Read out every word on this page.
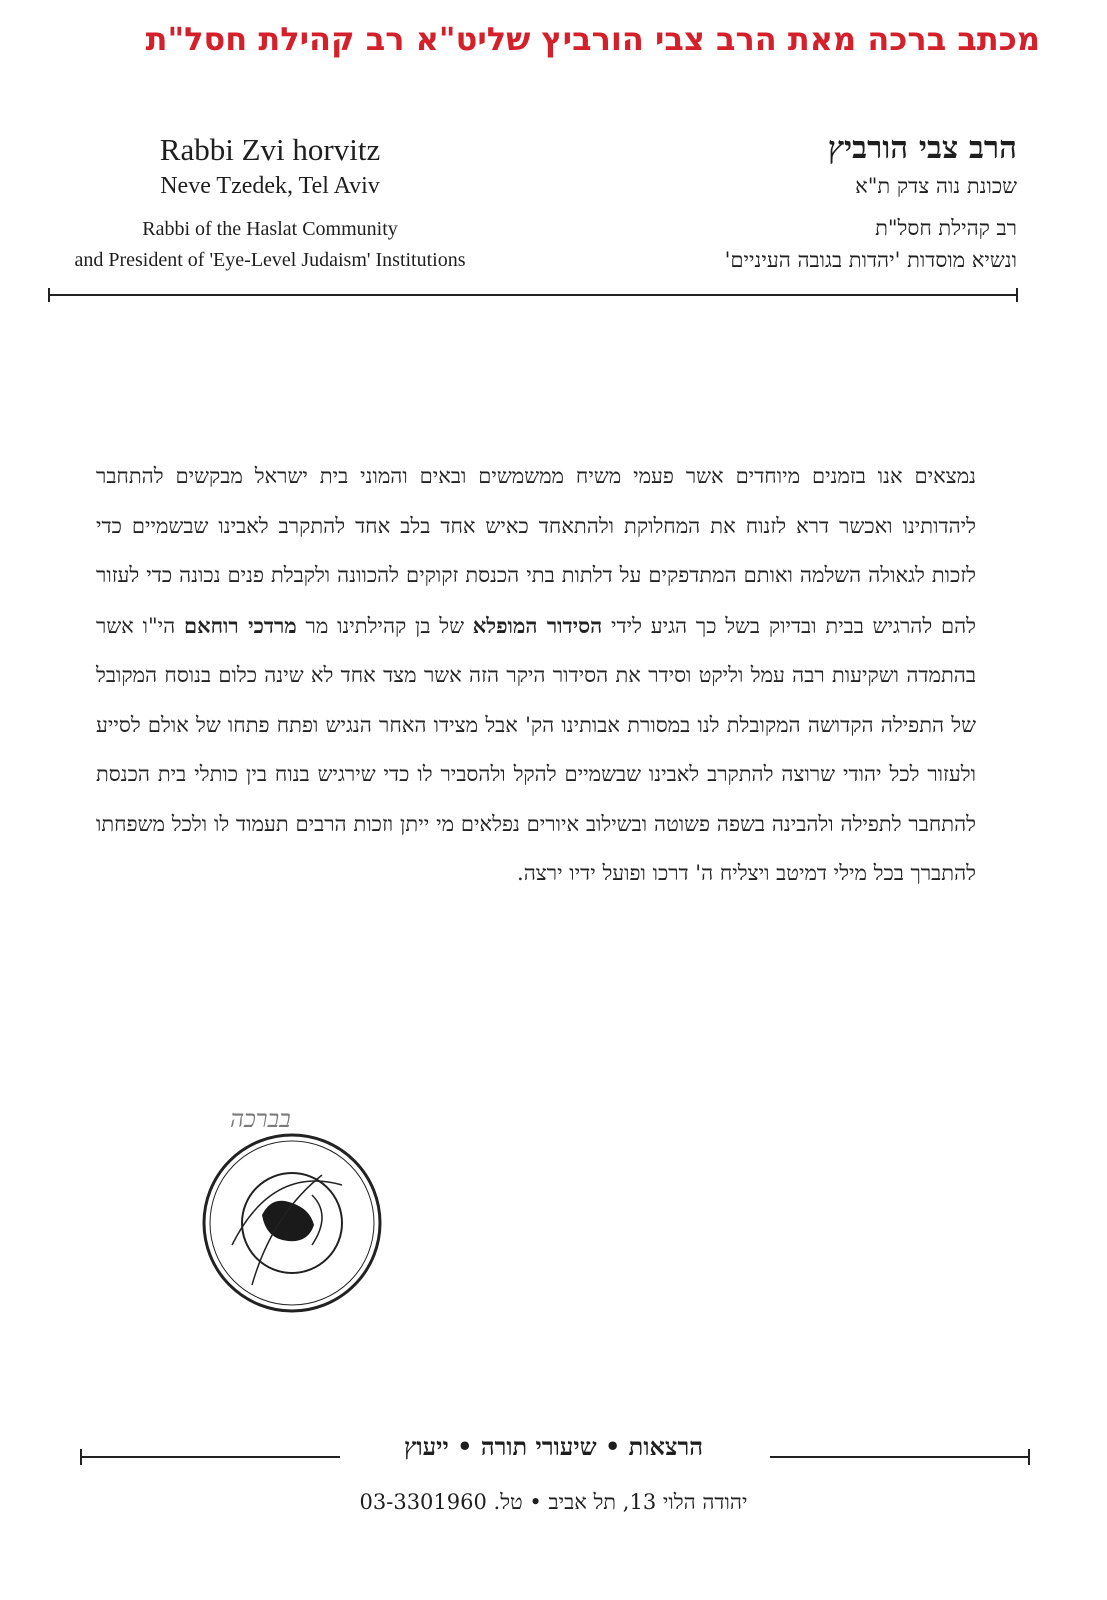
מכתב ברכה מאת הרב צבי הורביץ שליט"א רב קהילת חסל"ת
Rabbi Zvi horvitz
Neve Tzedek, Tel Aviv
Rabbi of the Haslat Community
and President of 'Eye-Level Judaism' Institutions
הרב צבי הורביץ
שכונת נוה צדק ת"א
רב קהילת חסל"ת
ונשיא מוסדות 'יהדות בגובה העיניים'
נמצאים אנו בזמנים מיוחדים אשר פעמי משיח ממשמשים ובאים והמוני בית ישראל מבקשים להתחבר ליהדותינו ואכשר דרא לזנוח את המחלוקת ולהתאחד כאיש אחד בלב אחד להתקרב לאבינו שבשמיים כדי לזכות לגאולה השלמה ואותם המתדפקים על דלתות בתי הכנסת זקוקים להכוונה ולקבלת פנים נכונה כדי לעזור להם להרגיש בבית ובדיוק בשל כך הגיע לידי הסידור המופלא של בן קהילתינו מר מרדכי רוחאם הי"ו אשר בהתמדה ושקיעות רבה עמל וליקט וסידר את הסידור היקר הזה אשר מצד אחד לא שינה כלום בנוסח המקובל של התפילה הקדושה המקובלת לנו במסורת אבותינו הק' אבל מצידו האחר הנגיש ופתח פתחו של אולם לסייע ולעזור לכל יהודי שרוצה להתקרב לאבינו שבשמיים להקל ולהסביר לו כדי שירגיש בנוח בין כותלי בית הכנסת להתחבר לתפילה ולהבינה בשפה פשוטה ובשילוב איורים נפלאים מי ייתן וזכות הרבים תעמוד לו ולכל משפחתו להתברך בכל מילי דמיטב ויצליח ה' דרכו ופועל ידיו ירצה.
בברכה
הרצאות • שיעורי תורה • ייעוץ
יהודה הלוי 13, תל אביב • טל. 03-3301960
